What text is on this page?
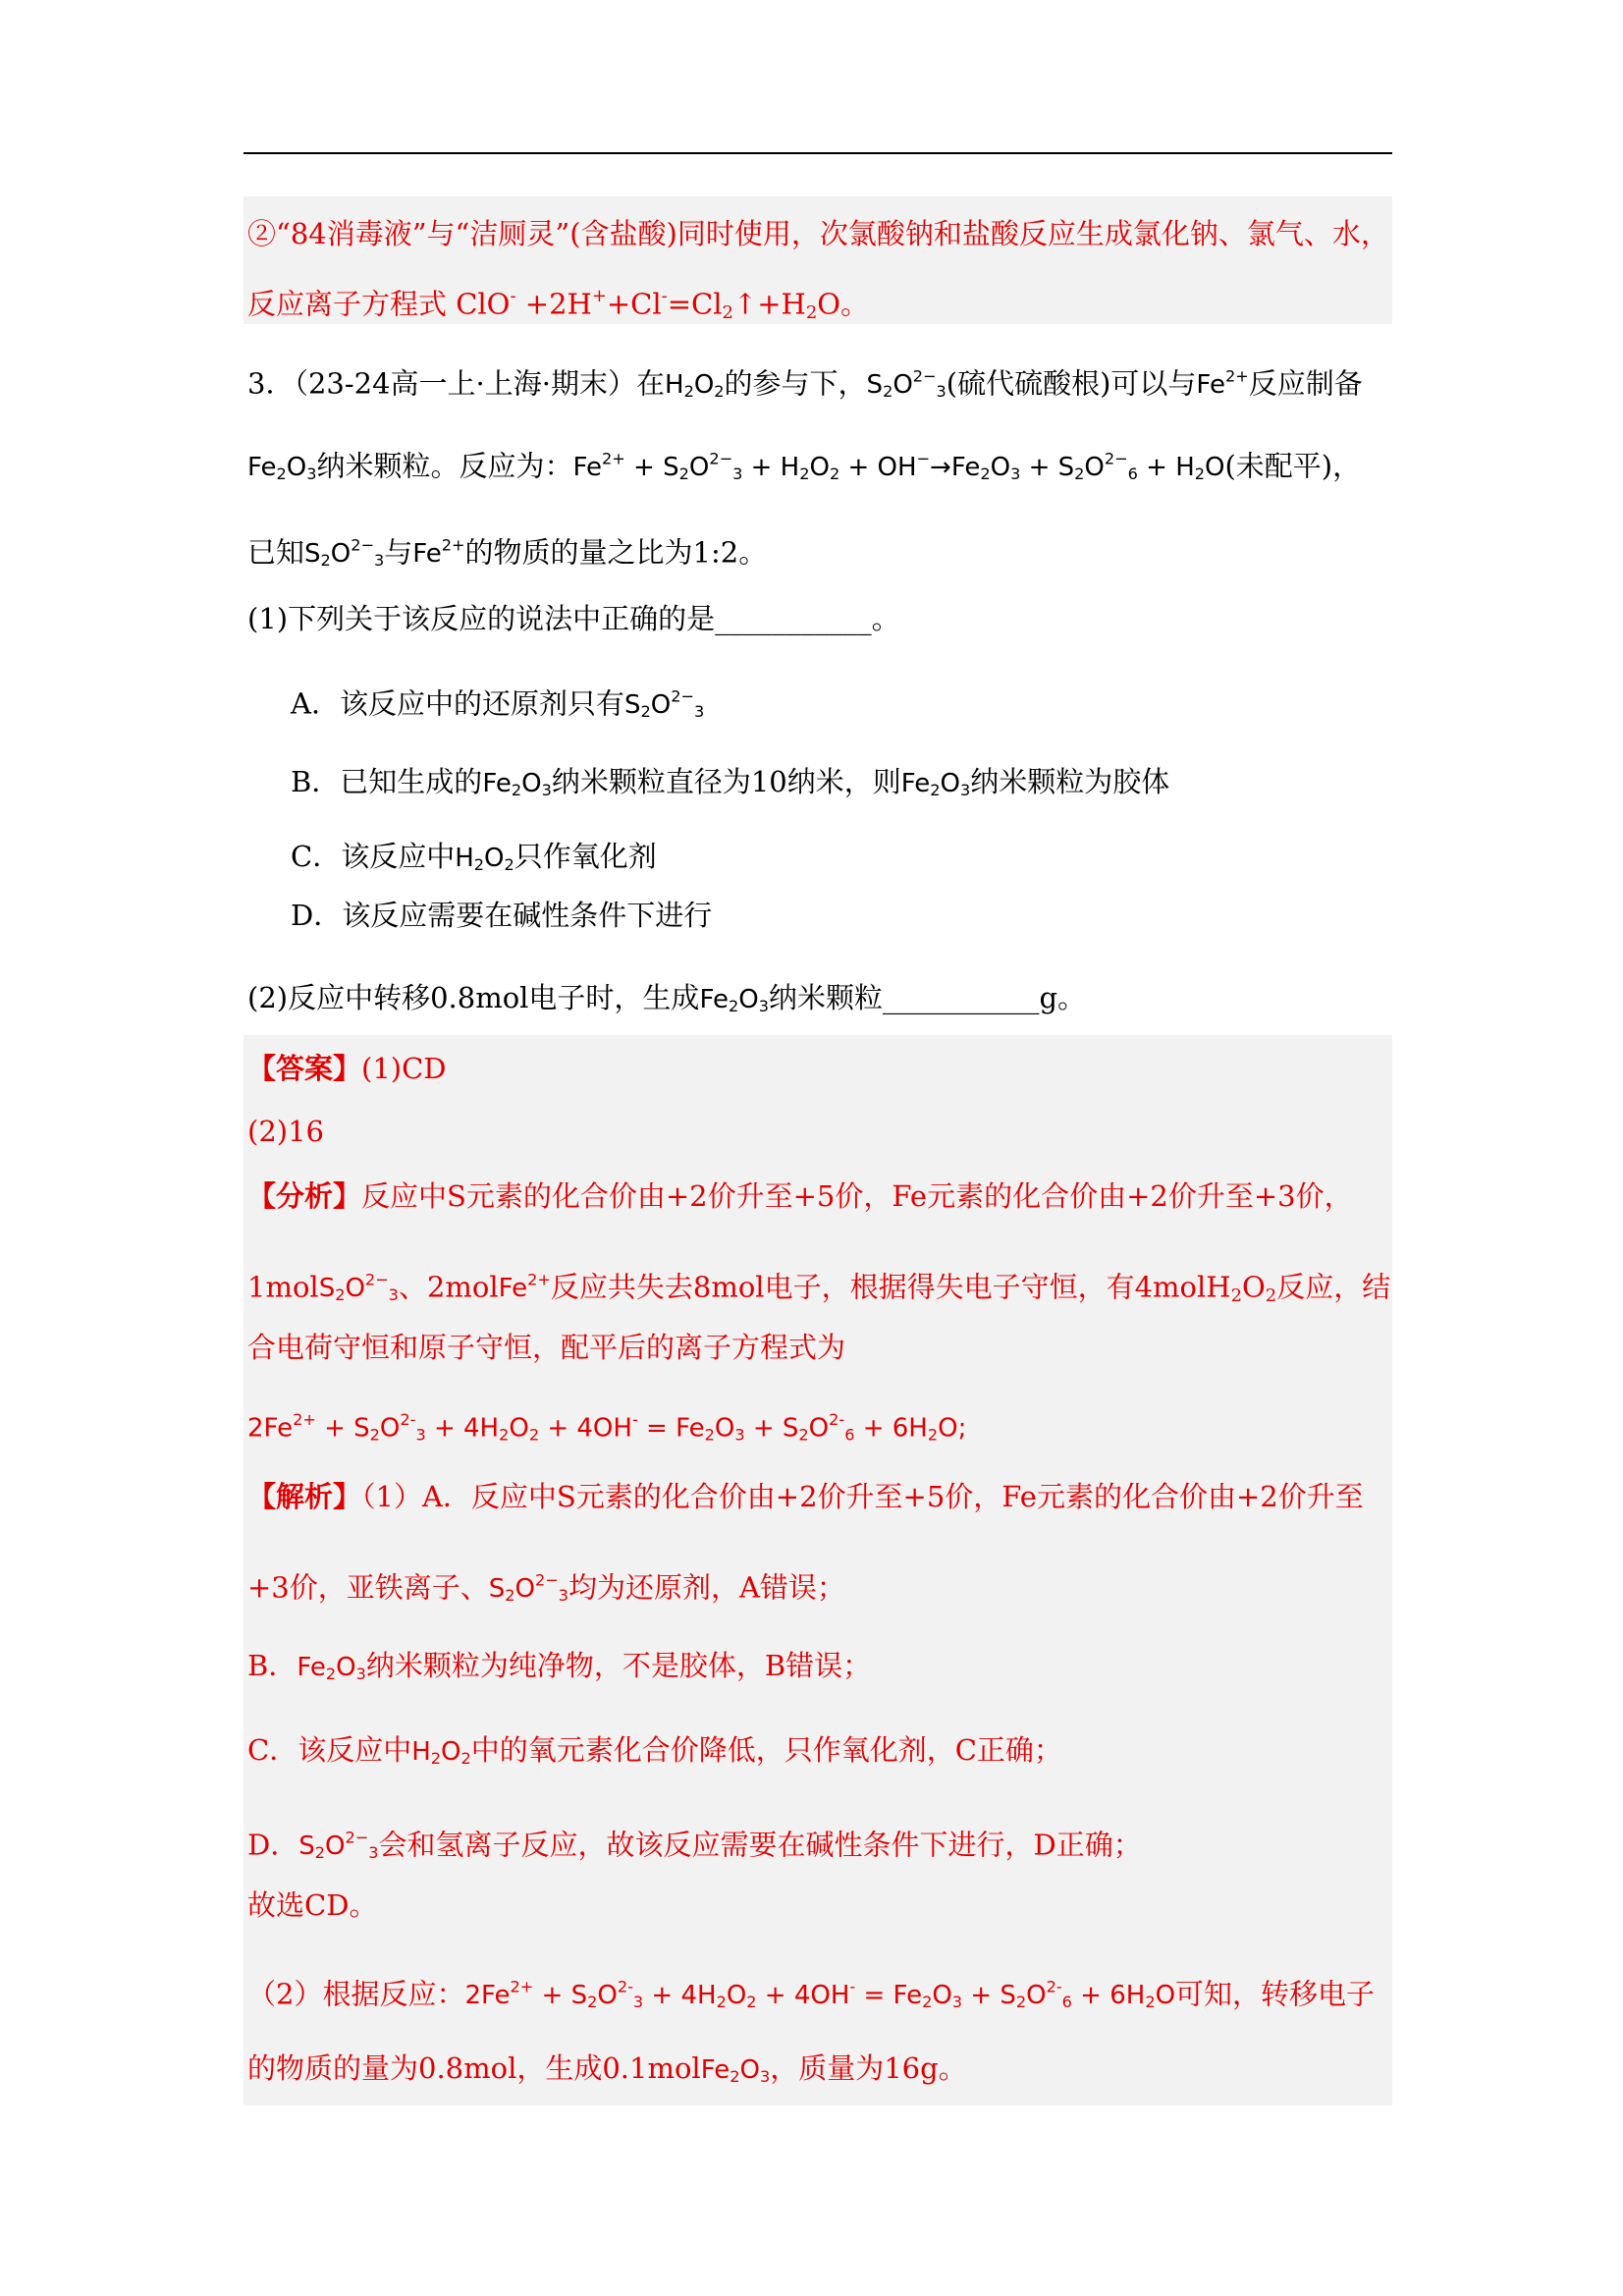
②“84消毒液”与“洁厕灵”(含盐酸)同时使用，次氯酸钠和盐酸反应生成氯化钠、氯气、水，
反应离子方程式 $ClO^- +2H^++Cl^-=Cl_2↑+H_2O$。
3．（23-24高一上·上海·期末）在$H_2O_2$的参与下，$S_2O^{2-}_3$(硫代硫酸根)可以与$Fe^{2+}$反应制备
$Fe_2O_3$纳米颗粒。反应为：$Fe^{2+} + S_2O^{2-}_3 + H_2O_2 + OH^-\to Fe_2O_3 + S_2O^{2-}_6 + H_2O$(未配平)，
已知$S_2O^{2-}_3$与$Fe^{2+}$的物质的量之比为1:2。
(1)下列关于该反应的说法中正确的是___________。
A．该反应中的还原剂只有$S_2O^{2-}_3$
B．已知生成的$Fe_2O_3$纳米颗粒直径为10纳米，则$Fe_2O_3$纳米颗粒为胶体
C．该反应中$H_2O_2$只作氧化剂
D．该反应需要在碱性条件下进行
(2)反应中转移0.8mol电子时，生成$Fe_2O_3$纳米颗粒___________g。
【答案】(1)CD
(2)16
【分析】反应中S元素的化合价由+2价升至+5价，Fe元素的化合价由+2价升至+3价，
$1molS_2O^{2-}_3$、2molFe$^{2+}$反应共失去8mol电子，根据得失电子守恒，有$4molH_2O_2$反应，结
合电荷守恒和原子守恒，配平后的离子方程式为
$2Fe^{2+} + S_2O^{2-}_3 + 4H_2O_2 + 4OH^- = Fe_2O_3 + S_2O^{2-}_6 + 6H_2O$;
【解析】（1）A．反应中S元素的化合价由+2价升至+5价，Fe元素的化合价由+2价升至
+3价，亚铁离子、$S_2O^{2-}_3$均为还原剂，A错误；
B．$Fe_2O_3$纳米颗粒为纯净物，不是胶体，B错误；
C．该反应中$H_2O_2$中的氧元素化合价降低，只作氧化剂，C正确；
D．$S_2O^{2-}_3$会和氢离子反应，故该反应需要在碱性条件下进行，D正确；
故选CD。
（2）根据反应：$2Fe^{2+} + S_2O^{2-}_3 + 4H_2O_2 + 4OH^- = Fe_2O_3 + S_2O^{2-}_6 + 6H_2O$可知，转移电子
的物质的量为0.8mol，生成$0.1molFe_2O_3$，质量为16g。
